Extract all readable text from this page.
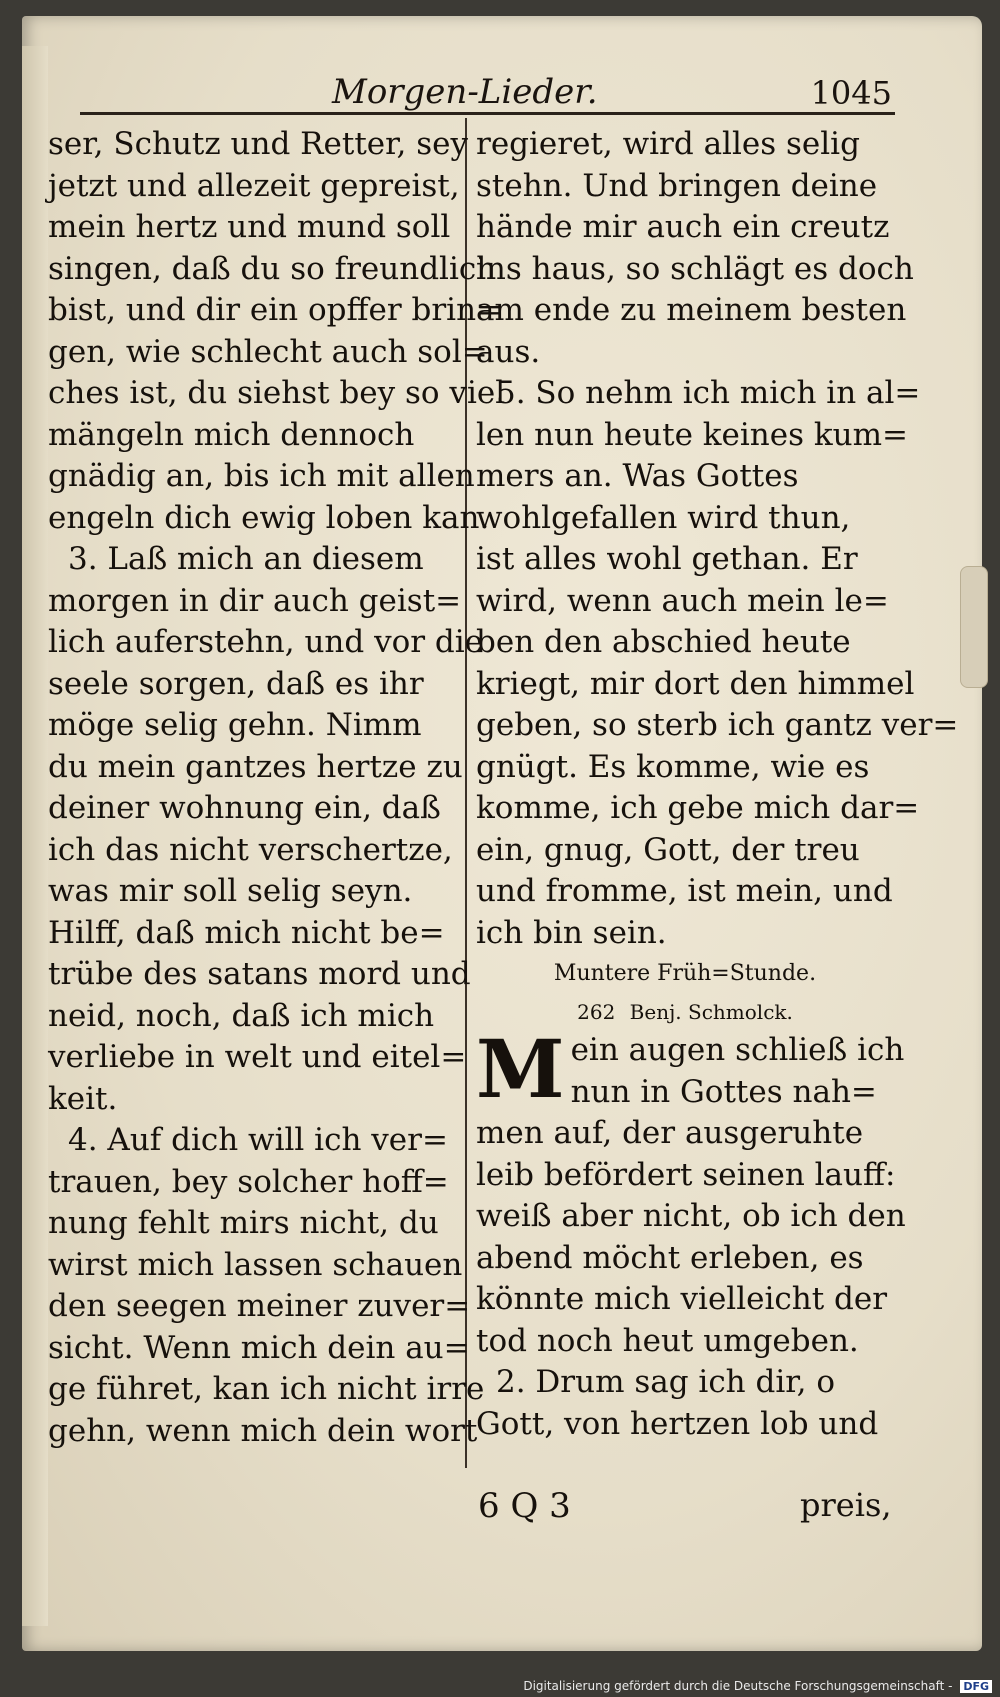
Morgen-Lieder.	1045
ser, Schutz und Retter, sey
jetzt und allezeit gepreist,
mein hertz und mund soll
singen, daß du so freundlich
bist, und dir ein opffer brin=
gen, wie schlecht auch sol=
ches ist, du siehst bey so viel
mängeln mich dennoch
gnädig an, bis ich mit allen
engeln dich ewig loben kan.
3. Laß mich an diesem
morgen in dir auch geist=
lich auferstehn, und vor die
seele sorgen, daß es ihr
möge selig gehn. Nimm
du mein gantzes hertze zu
deiner wohnung ein, daß
ich das nicht verschertze,
was mir soll selig seyn.
Hilff, daß mich nicht be=
trübe des satans mord und
neid, noch, daß ich mich
verliebe in welt und eitel=
keit.
4. Auf dich will ich ver=
trauen, bey solcher hoff=
nung fehlt mirs nicht, du
wirst mich lassen schauen
den seegen meiner zuver=
sicht. Wenn mich dein au=
ge führet, kan ich nicht irre
gehn, wenn mich dein wort
regieret, wird alles selig
stehn. Und bringen deine
hände mir auch ein creutz
ins haus, so schlägt es doch
am ende zu meinem besten
aus.
5. So nehm ich mich in al=
len nun heute keines kum=
mers an. Was Gottes
wohlgefallen wird thun,
ist alles wohl gethan. Er
wird, wenn auch mein le=
ben den abschied heute
kriegt, mir dort den himmel
geben, so sterb ich gantz ver=
gnügt. Es komme, wie es
komme, ich gebe mich dar=
ein, gnug, Gott, der treu
und fromme, ist mein, und
ich bin sein.
Muntere Früh=Stunde.
262 Benj. Schmolck.
M ein augen schließ ich
nun in Gottes nah=
men auf, der ausgeruhte
leib befördert seinen lauff:
weiß aber nicht, ob ich den
abend möcht erleben, es
könnte mich vielleicht der
tod noch heut umgeben.
2. Drum sag ich dir, o
Gott, von hertzen lob und
6 Q 3	preis,
Digitalisierung gefördert durch die Deutsche Forschungsgemeinschaft - DFG
